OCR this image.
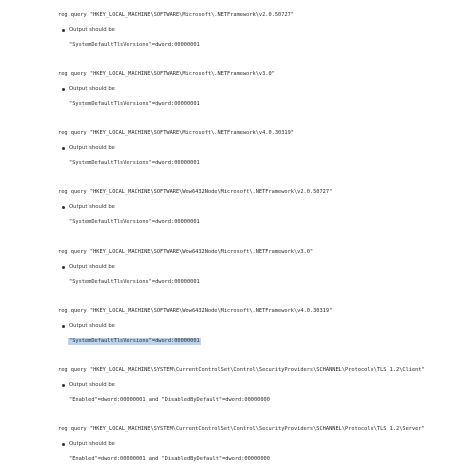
reg query "HKEY_LOCAL_MACHINE\SOFTWARE\Microsoft\.NETFramework\v2.0.50727"
Output should be
"SystemDefaultTlsVersions"=dword:00000001
reg query "HKEY_LOCAL_MACHINE\SOFTWARE\Microsoft\.NETFramework\v3.0"
Output should be
"SystemDefaultTlsVersions"=dword:00000001
reg query "HKEY_LOCAL_MACHINE\SOFTWARE\Microsoft\.NETFramework\v4.0.30319"
Output should be
"SystemDefaultTlsVersions"=dword:00000001
reg query "HKEY_LOCAL_MACHINE\SOFTWARE\Wow6432Node\Microsoft\.NETFramework\v2.0.50727"
Output should be
"SystemDefaultTlsVersions"=dword:00000001
reg query "HKEY_LOCAL_MACHINE\SOFTWARE\Wow6432Node\Microsoft\.NETFramework\v3.0"
Output should be
"SystemDefaultTlsVersions"=dword:00000001
reg query "HKEY_LOCAL_MACHINE\SOFTWARE\Wow6432Node\Microsoft\.NETFramework\v4.0.30319"
Output should be
"SystemDefaultTlsVersions"=dword:00000001
reg query "HKEY_LOCAL_MACHINE\SYSTEM\CurrentControlSet\Control\SecurityProviders\SCHANNEL\Protocols\TLS 1.2\Client"
Output should be
"Enabled"=dword:00000001 and "DisabledByDefault"=dword:00000000
reg query "HKEY_LOCAL_MACHINE\SYSTEM\CurrentControlSet\Control\SecurityProviders\SCHANNEL\Protocols\TLS 1.2\Server"
Output should be
"Enabled"=dword:00000001 and "DisabledByDefault"=dword:00000000
